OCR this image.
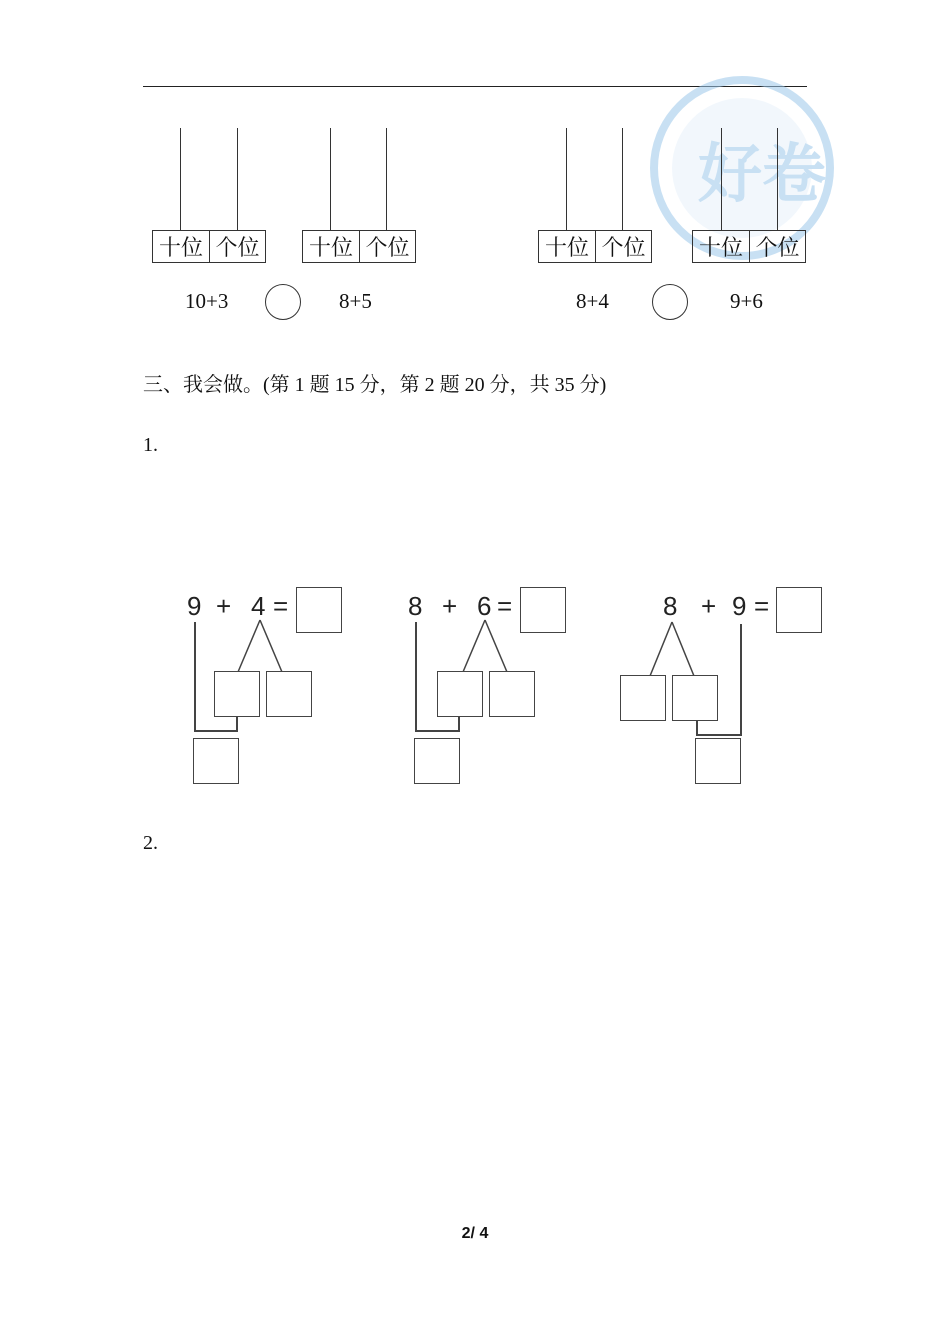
好卷
十位 个位 十位 个位
10+3	8+5
十位 个位 十位 个位
8+4	9+6
三、我会做。(第 1 题 15 分，第 2 题 20 分，共 35 分)
1.
9 + 4 =	8 + 6 =	8 + 9 =
2.
2/ 4
